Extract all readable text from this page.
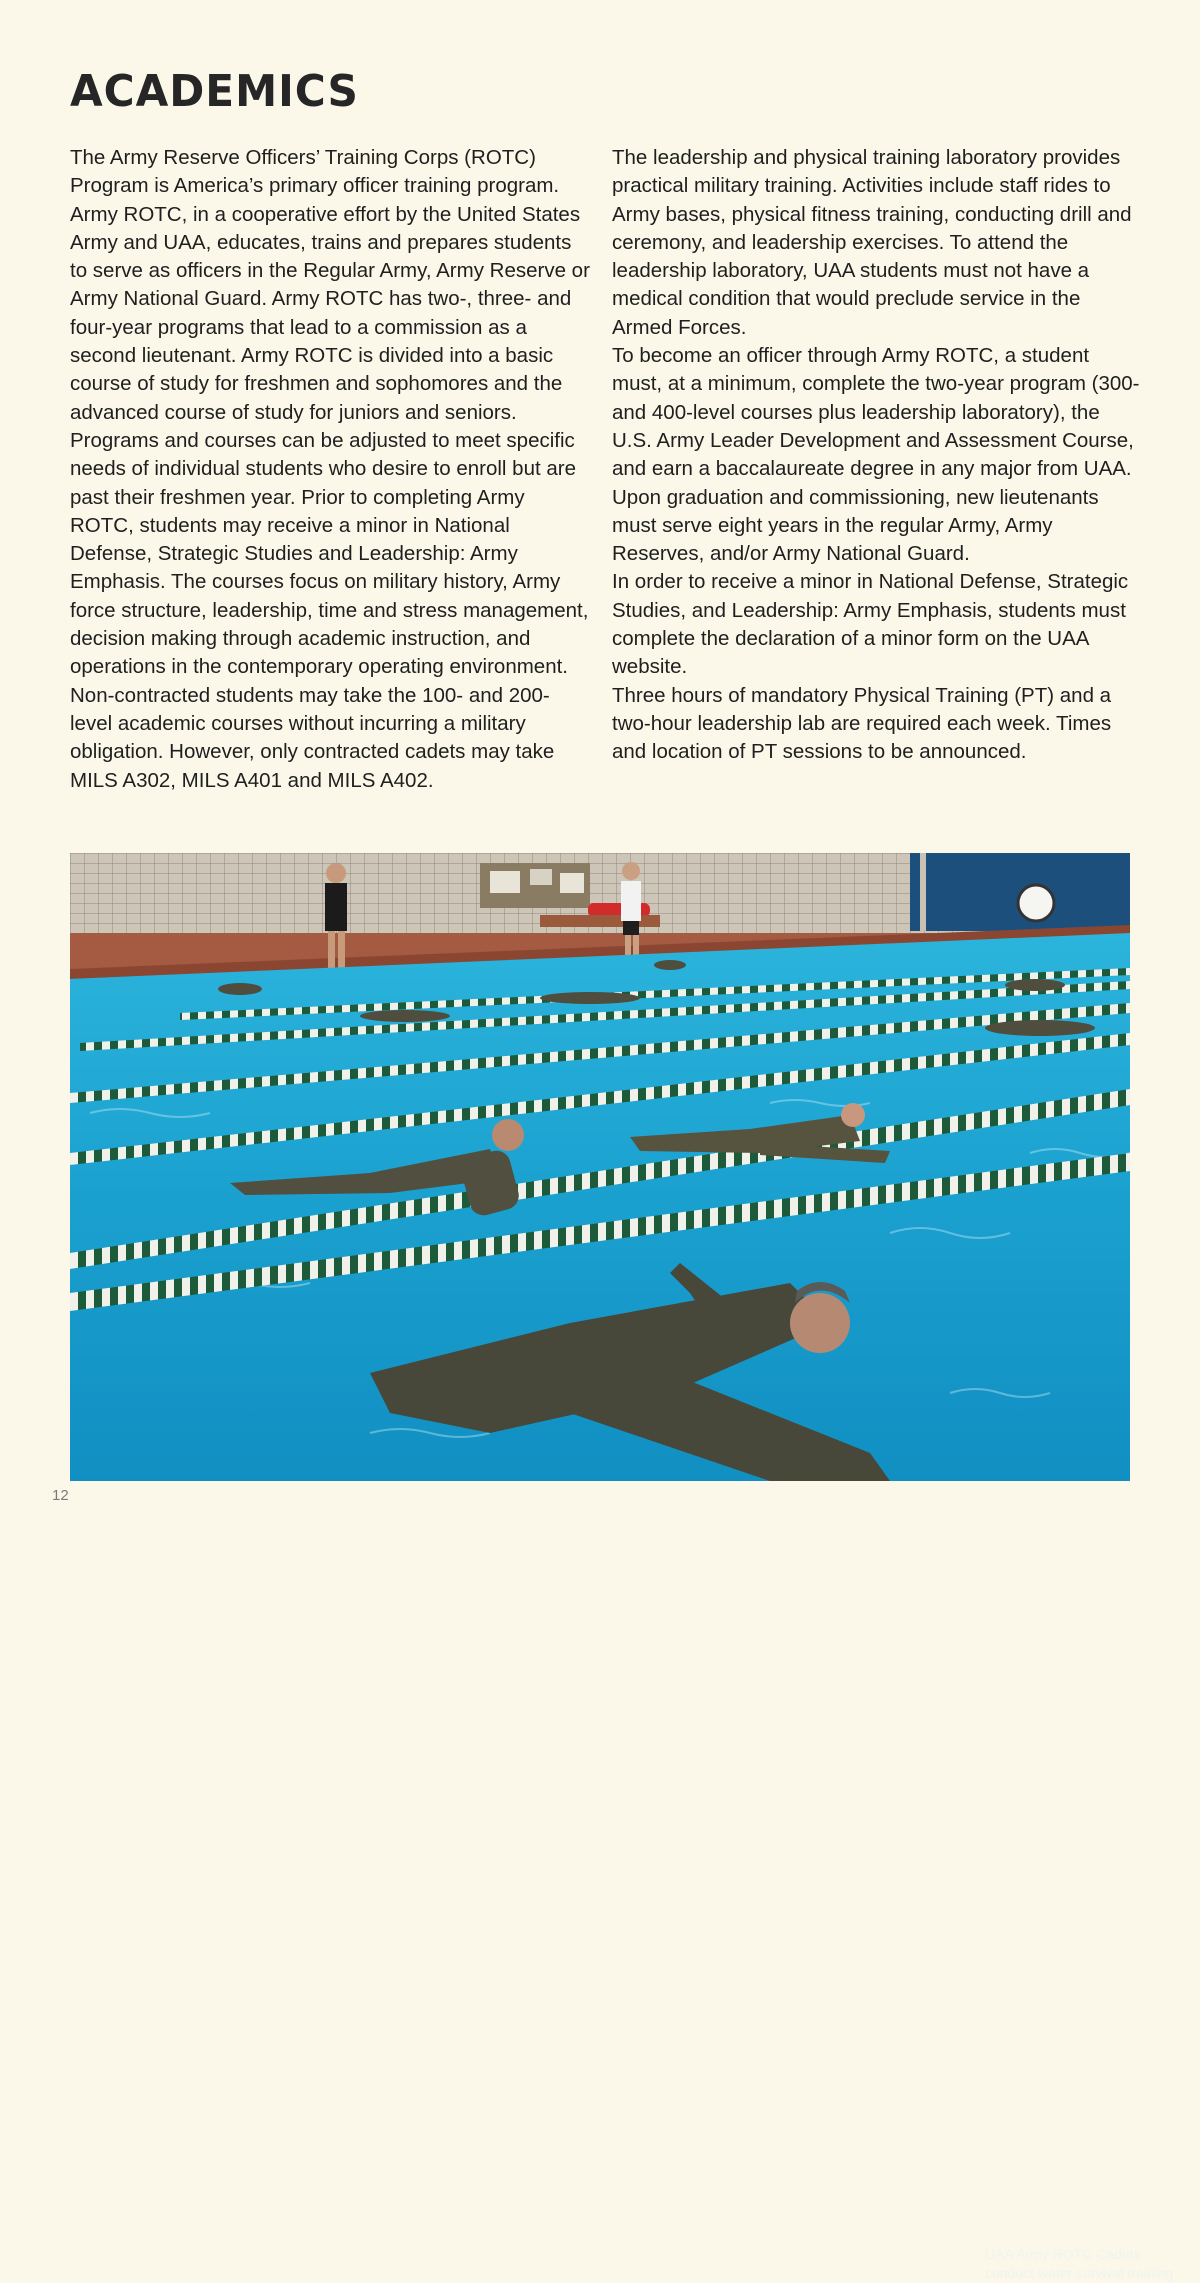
ACADEMICS

The Army Reserve Officers’ Training Corps (ROTC) Program is America’s primary officer training program. Army ROTC, in a cooperative effort by the United States Army and UAA, educates, trains and prepares students to serve as officers in the Regular Army, Army Reserve or Army National Guard. Army ROTC has two-, three- and four-year programs that lead to a commission as a second lieutenant. Army ROTC is divided into a basic course of study for freshmen and sophomores and the advanced course of study for juniors and seniors. Programs and courses can be adjusted to meet specific needs of individual students who desire to enroll but are past their freshmen year. Prior to completing Army ROTC, students may receive a minor in National Defense, Strategic Studies and Leadership: Army Emphasis. The courses focus on military history, Army force structure, leadership, time and stress management, decision making through academic instruction, and operations in the contemporary operating environment. Non-contracted students may take the 100- and 200-level academic courses without incurring a military obligation. However, only contracted cadets may take MILS A302, MILS A401 and MILS A402.

The leadership and physical training laboratory provides practical military training. Activities include staff rides to Army bases, physical fitness training, conducting drill and ceremony, and leadership exercises. To attend the leadership laboratory, UAA students must not have a medical condition that would preclude service in the Armed Forces.

To become an officer through Army ROTC, a student must, at a minimum, complete the two-year program (300- and 400-level courses plus leadership laboratory), the U.S. Army Leader Development and Assessment Course, and earn a baccalaureate degree in any major from UAA. Upon graduation and commissioning, new lieutenants must serve eight years in the regular Army, Army Reserves, and/or Army National Guard.

In order to receive a minor in National Defense, Strategic Studies, and Leadership: Army Emphasis, students must complete the declaration of a minor form on the UAA website.

Three hours of mandatory Physical Training (PT) and a two-hour leadership lab are required each week. Times and location of PT sessions to be announced.

UAA Army ROTC Cadets conduct water survival training
12
